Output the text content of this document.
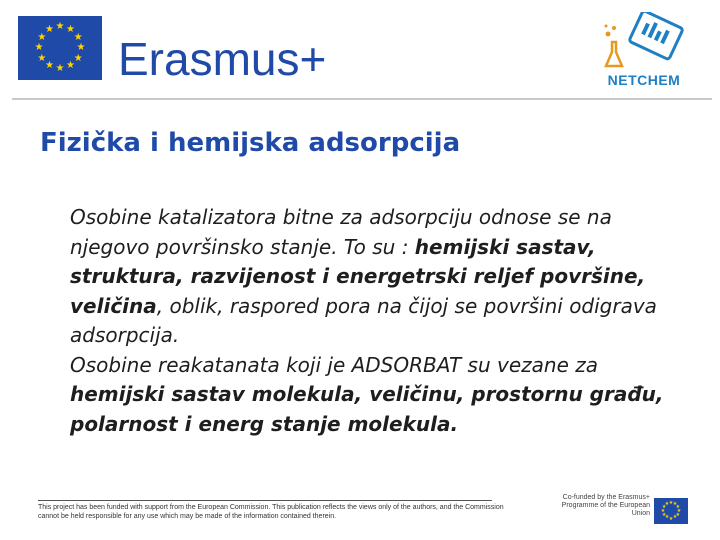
★
★
★
★
★
★
★
★
★ ★ ★
★ Erasmus+	NETCHEM
Fizička i hemijska adsorpcija

Osobine katalizatora bitne za adsorpciju odnose se na njegovo površinsko stanje. To su : hemijski sastav, struktura, razvijenost i energetrski reljef površine, veličina, oblik, raspored pora na čijoj se površini odigrava adsorpcija.

Osobine reakatanata koji je ADSORBAT su vezane za hemijski sastav molekula, veličinu, prostornu građu, polarnost i energ stanje molekula.

This project has been funded with support from the European Commission. This publication reflects the views only of the authors, and the Commission cannot be held responsible for any use which may be made of the information contained therein.
Co-funded by the Erasmus+ Programme of the European Union	★
★
★
★
★
★
★
★
★ ★ ★
★
